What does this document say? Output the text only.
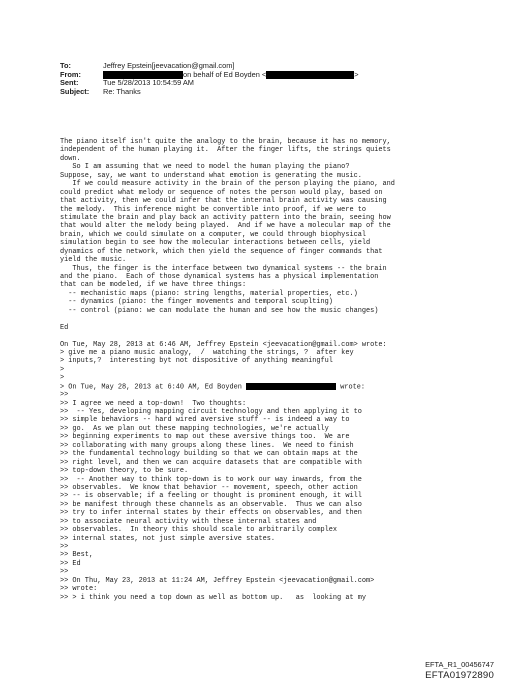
To:	Jeffrey Epstein[jeevacation@gmail.com]
From:	on behalf of Ed Boyden <	>
Sent:	Tue 5/28/2013 10:54:59 AM
Subject:	Re: Thanks
The piano itself isn't quite the analogy to the brain, because it has no memory,
independent of the human playing it.  After the finger lifts, the strings quiets
down.
So I am assuming that we need to model the human playing the piano?
Suppose, say, we want to understand what emotion is generating the music.
If we could measure activity in the brain of the person playing the piano, and
could predict what melody or sequence of notes the person would play, based on
that activity, then we could infer that the internal brain activity was causing
the melody.  This inference might be convertible into proof, if we were to
stimulate the brain and play back an activity pattern into the brain, seeing how
that would alter the melody being played.  And if we have a molecular map of the
brain, which we could simulate on a computer, we could through biophysical
simulation begin to see how the molecular interactions between cells, yield
dynamics of the network, which then yield the sequence of finger commands that
yield the music.
Thus, the finger is the interface between two dynamical systems -- the brain
and the piano.  Each of those dynamical systems has a physical implementation
that can be modeled, if we have three things:
-- mechanistic maps (piano: string lengths, material properties, etc.)
-- dynamics (piano: the finger movements and temporal scuplting)
-- control (piano: we can modulate the human and see how the music changes)
Ed
On Tue, May 28, 2013 at 6:46 AM, Jeffrey Epstein <jeevacation@gmail.com> wrote:
> give me a piano music analogy,  /  watching the strings, ?  after key
> inputs,?  interesting byt not dispositive of anything meaningful
>
>
> On Tue, May 28, 2013 at 6:40 AM, Ed Boyden	wrote:
>>
>> I agree we need a top-down!  Two thoughts:
>>  -- Yes, developing mapping circuit technology and then applying it to
>> simple behaviors -- hard wired aversive stuff -- is indeed a way to
>> go.  As we plan out these mapping technologies, we're actually
>> beginning experiments to map out these aversive things too.  We are
>> collaborating with many groups along these lines.  We need to finish
>> the fundamental technology building so that we can obtain maps at the
>> right level, and then we can acquire datasets that are compatible with
>> top-down theory, to be sure.
>>  -- Another way to think top-down is to work our way inwards, from the
>> observables.  We know that behavior -- movement, speech, other action
>> -- is observable; if a feeling or thought is prominent enough, it will
>> be manifest through these channels as an observable.  Thus we can also
>> try to infer internal states by their effects on observables, and then
>> to associate neural activity with these internal states and
>> observables.  In theory this should scale to arbitrarily complex
>> internal states, not just simple aversive states.
>>
>> Best,
>> Ed
>>
>> On Thu, May 23, 2013 at 11:24 AM, Jeffrey Epstein <jeevacation@gmail.com>
>> wrote:
>> > i think you need a top down as well as bottom up.   as  looking at my
EFTA_R1_00456747
EFTA01972890
